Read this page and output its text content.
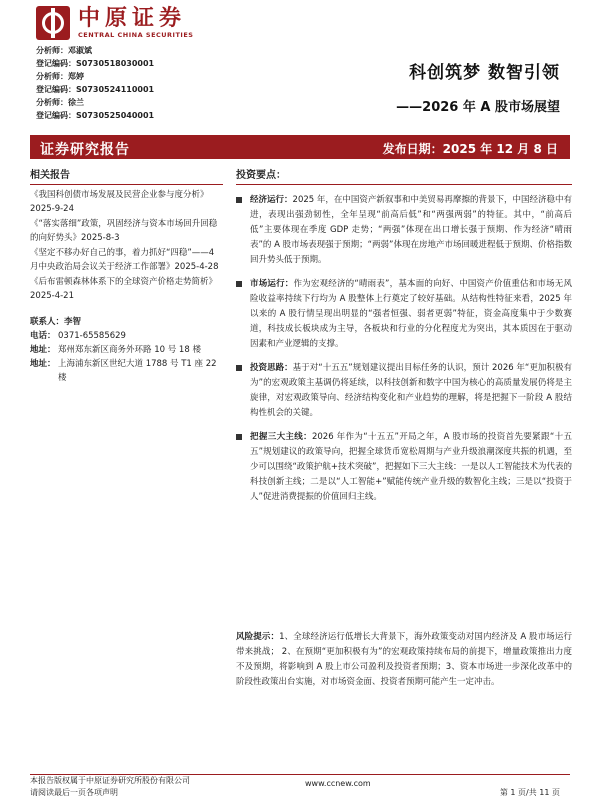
中原证券
CENTRAL CHINA SECURITIES
分析师：邓淑斌
登记编码：S0730518030001
分析师：郑婷
登记编码：S0730524110001
分析师：徐兰
登记编码：S0730525040001
科创筑梦 数智引领
——2026 年 A 股市场展望
证券研究报告	发布日期：2025 年 12 月 8 日
相关报告
《我国科创债市场发展及民营企业参与度分析》2025-9-24
《“落实落细”政策，巩固经济与资本市场回升回稳的向好势头》2025-8-3
《坚定不移办好自己的事，着力抓好“四稳”——4 月中央政治局会议关于经济工作部署》2025-4-28
《后布雷顿森林体系下的全球资产价格走势简析》2025-4-21
联系人： 李智
电话： 0371-65585629
地址： 郑州郑东新区商务外环路 10 号 18 楼
地址： 上海浦东新区世纪大道 1788 号 T1 座 22 楼
投资要点：
经济运行：2025 年，在中国资产新叙事和中美贸易再摩擦的背景下，中国经济稳中有进，表现出强劲韧性，全年呈现“前高后低”和“两强两弱”的特征。其中，“前高后低”主要体现在季度 GDP 走势；“两强”体现在出口增长强于预期、作为经济“晴雨表”的 A 股市场表现强于预期；“两弱”体现在房地产市场回暖进程低于预期、价格指数回升势头低于预期。
市场运行：作为宏观经济的“晴雨表”，基本面的向好、中国资产价值重估和市场无风险收益率持续下行均为 A 股整体上行奠定了较好基础。从结构性特征来看，2025 年以来的 A 股行情呈现出明显的“强者恒强、弱者更弱”特征，资金高度集中于少数赛道，科技成长板块成为主导，各板块和行业的分化程度尤为突出，其本质因在于驱动因素和产业逻辑的支撑。
投资思路：基于对“十五五”规划建议提出目标任务的认识，预计 2026 年“更加积极有为”的宏观政策主基调仍将延续，以科技创新和数字中国为核心的高质量发展仍将是主旋律，对宏观政策导向、经济结构变化和产业趋势的理解，将是把握下一阶段 A 股结构性机会的关键。
把握三大主线：2026 年作为“十五五”开局之年，A 股市场的投资首先要紧跟“十五五”规划建议的政策导向，把握全球货币宽松周期与产业升级浪潮深度共振的机遇，至少可以围绕“政策护航+技术突破”，把握如下三大主线：一是以人工智能技术为代表的科技创新主线；二是以“人工智能+”赋能传统产业升级的数智化主线；三是以“投资于人”促进消费提振的价值回归主线。
风险提示：1、全球经济运行低增长大背景下，海外政策变动对国内经济及 A 股市场运行带来挑战； 2、在预期“更加积极有为”的宏观政策持续布局的前提下，增量政策推出力度不及预期，将影响到 A 股上市公司盈利及投资者预期；3、资本市场进一步深化改革中的阶段性政策出台实施，对市场资金面、投资者预期可能产生一定冲击。
本报告版权属于中原证券研究所股份有限公司
请阅读最后一页各项声明
www.ccnew.com
第 1 页/共 11 页
